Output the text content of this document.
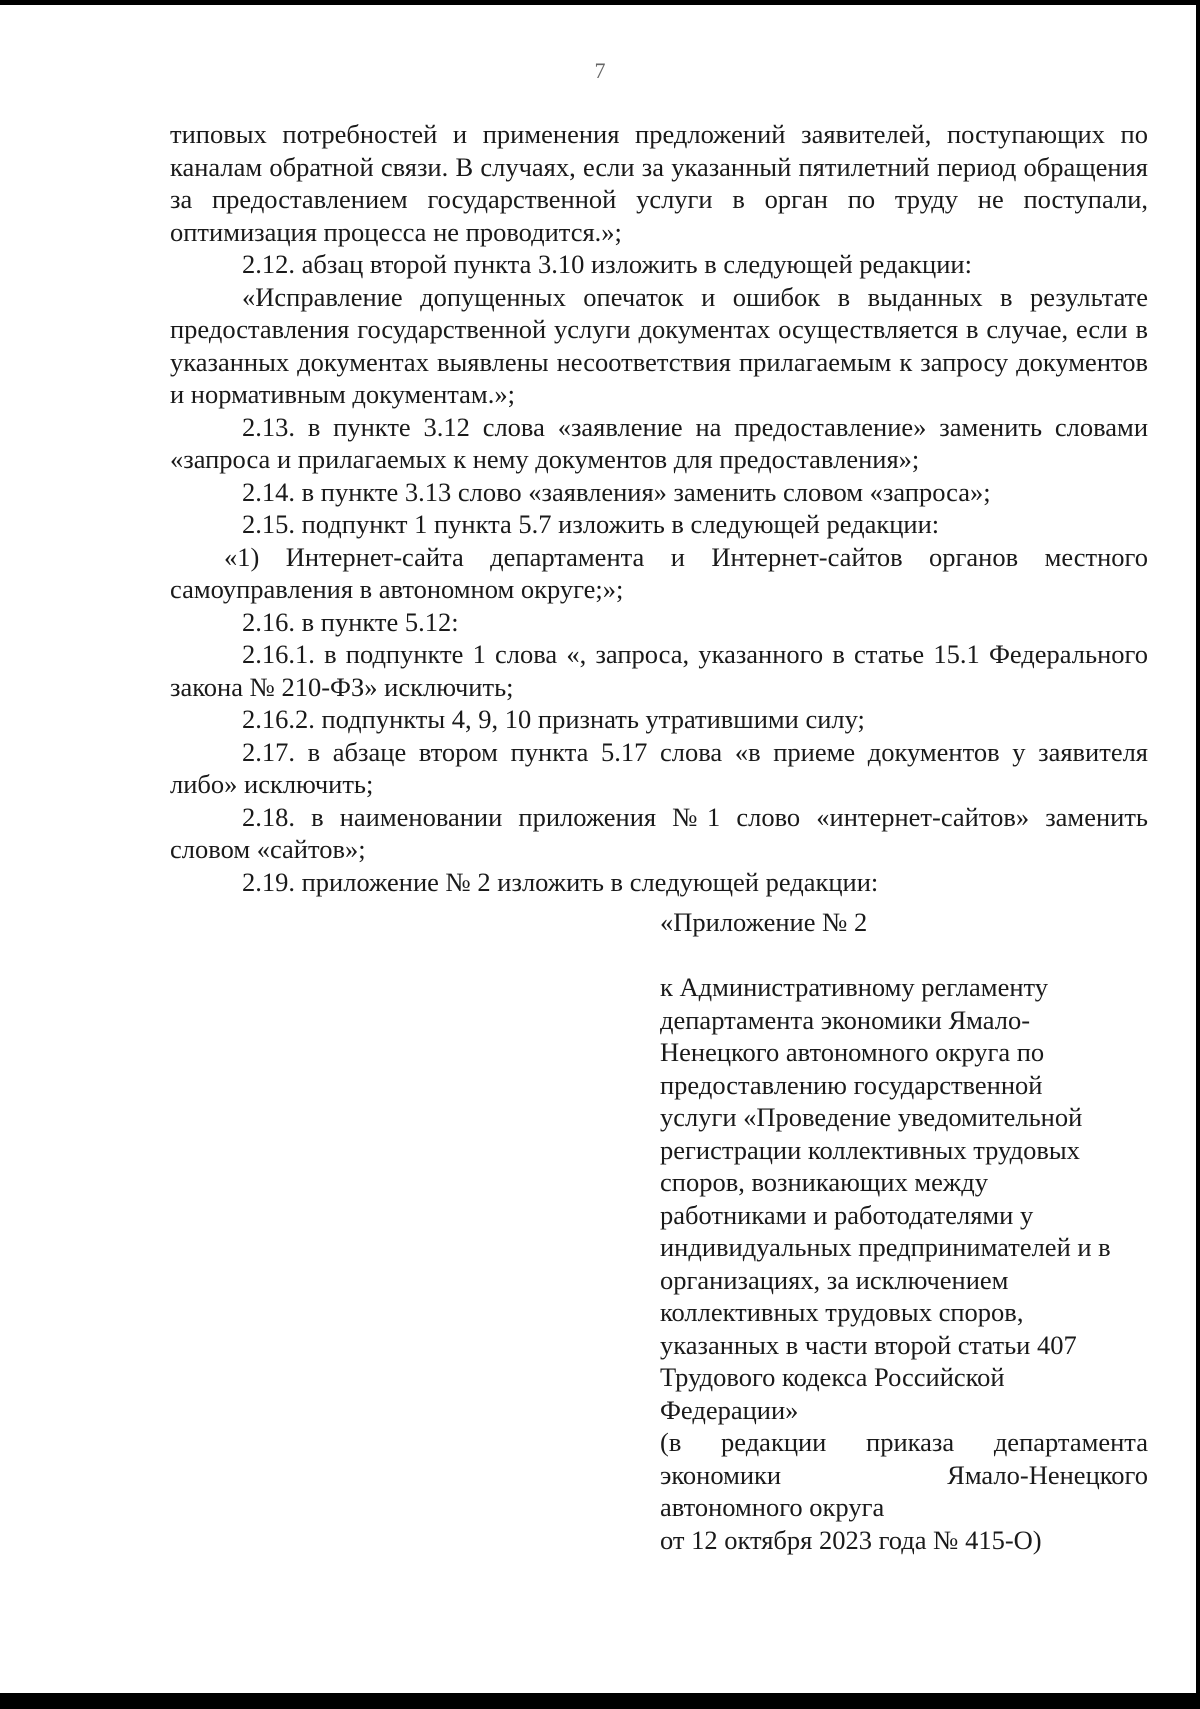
7

типовых потребностей и применения предложений заявителей, поступающих по каналам обратной связи. В случаях, если за указанный пятилетний период обращения за предоставлением государственной услуги в орган по труду не поступали, оптимизация процесса не проводится.»;

2.12. абзац второй пункта 3.10 изложить в следующей редакции:

«Исправление допущенных опечаток и ошибок в выданных в результате предоставления государственной услуги документах осуществляется в случае, если в указанных документах выявлены несоответствия прилагаемым к запросу документов и нормативным документам.»;

2.13. в пункте 3.12 слова «заявление на предоставление» заменить словами «запроса и прилагаемых к нему документов для предоставления»;

2.14. в пункте 3.13 слово «заявления» заменить словом «запроса»;

2.15. подпункт 1 пункта 5.7 изложить в следующей редакции:

«1) Интернет-сайта департамента и Интернет-сайтов органов местного самоуправления в автономном округе;»;

2.16. в пункте 5.12:

2.16.1. в подпункте 1 слова «, запроса, указанного в статье 15.1 Федерального закона № 210-ФЗ» исключить;

2.16.2. подпункты 4, 9, 10 признать утратившими силу;

2.17. в абзаце втором пункта 5.17 слова «в приеме документов у заявителя либо» исключить;

2.18. в наименовании приложения №1 слово «интернет-сайтов» заменить словом «сайтов»;

2.19. приложение № 2 изложить в следующей редакции:

«Приложение № 2
к Административному регламенту
департамента экономики Ямало-
Ненецкого автономного округа по
предоставлению государственной
услуги «Проведение уведомительной
регистрации коллективных трудовых
споров, возникающих между
работниками и работодателями у
индивидуальных предпринимателей и в
организациях, за исключением
коллективных трудовых споров,
указанных в части второй статьи 407
Трудового кодекса Российской
Федерации»
(в редакции приказа департамента
экономики	Ямало-Ненецкого
автономного округа
от 12 октября 2023 года № 415-О)
